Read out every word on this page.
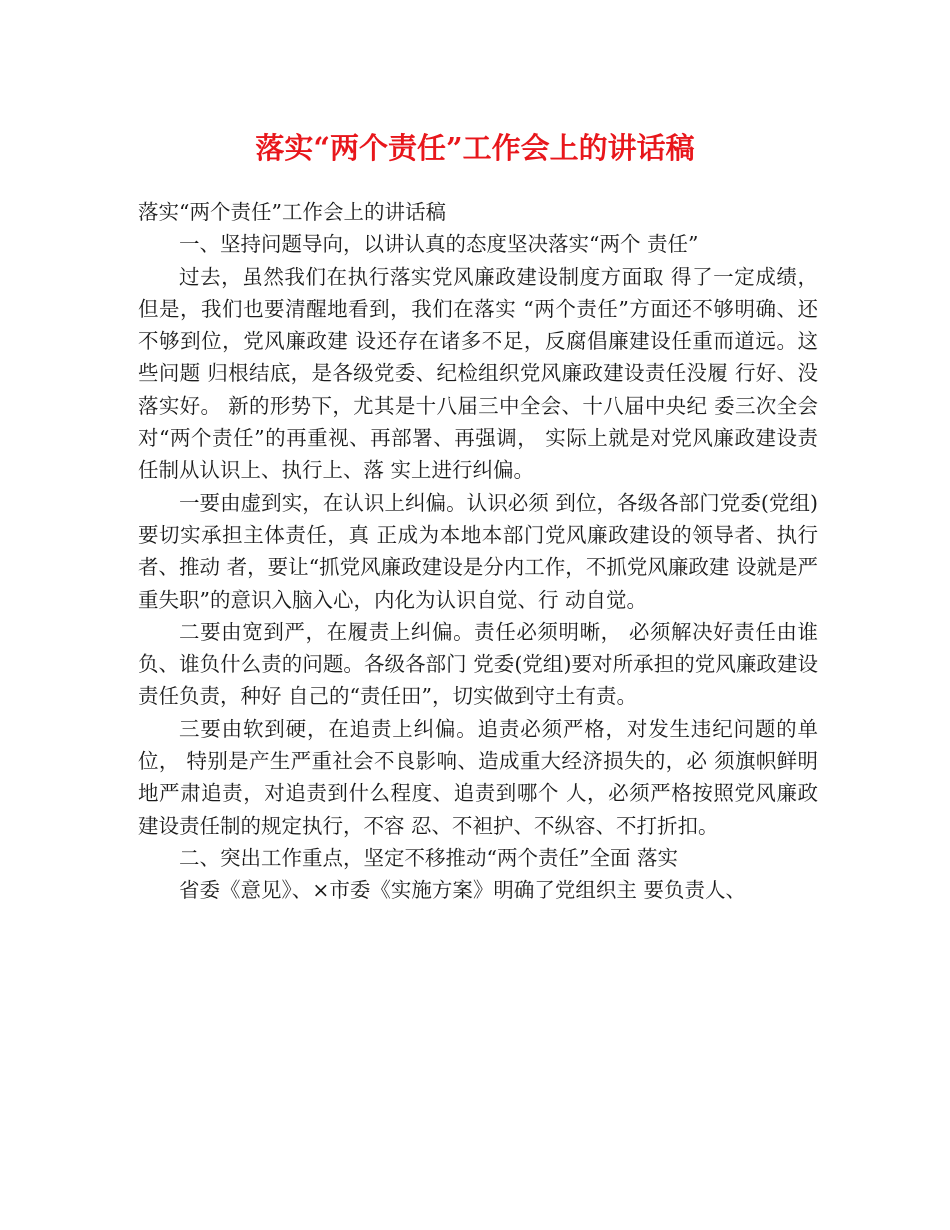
落实“两个责任”工作会上的讲话稿

落实“两个责任”工作会上的讲话稿

一、坚持问题导向，以讲认真的态度坚决落实“两个 责任”

过去，虽然我们在执行落实党风廉政建设制度方面取 得了一定成绩，但是，我们也要清醒地看到，我们在落实 “两个责任”方面还不够明确、还不够到位，党风廉政建 设还存在诸多不足，反腐倡廉建设任重而道远。这些问题 归根结底，是各级党委、纪检组织党风廉政建设责任没履 行好、没落实好。 新的形势下，尤其是十八届三中全会、十八届中央纪 委三次全会对“两个责任”的再重视、再部署、再强调， 实际上就是对党风廉政建设责任制从认识上、执行上、落 实上进行纠偏。

一要由虚到实，在认识上纠偏。认识必须 到位，各级各部门党委(党组)要切实承担主体责任，真 正成为本地本部门党风廉政建设的领导者、执行者、推动 者，要让“抓党风廉政建设是分内工作，不抓党风廉政建 设就是严重失职”的意识入脑入心，内化为认识自觉、行 动自觉。

二要由宽到严，在履责上纠偏。责任必须明晰， 必须解决好责任由谁负、谁负什么责的问题。各级各部门 党委(党组)要对所承担的党风廉政建设责任负责，种好 自己的“责任田”，切实做到守土有责。

三要由软到硬，在追责上纠偏。追责必须严格，对发生违纪问题的单位， 特别是产生严重社会不良影响、造成重大经济损失的，必 须旗帜鲜明地严肃追责，对追责到什么程度、追责到哪个 人，必须严格按照党风廉政建设责任制的规定执行，不容 忍、不袒护、不纵容、不打折扣。

二、突出工作重点，坚定不移推动“两个责任”全面 落实

省委《意见》、×市委《实施方案》明确了党组织主 要负责人、
